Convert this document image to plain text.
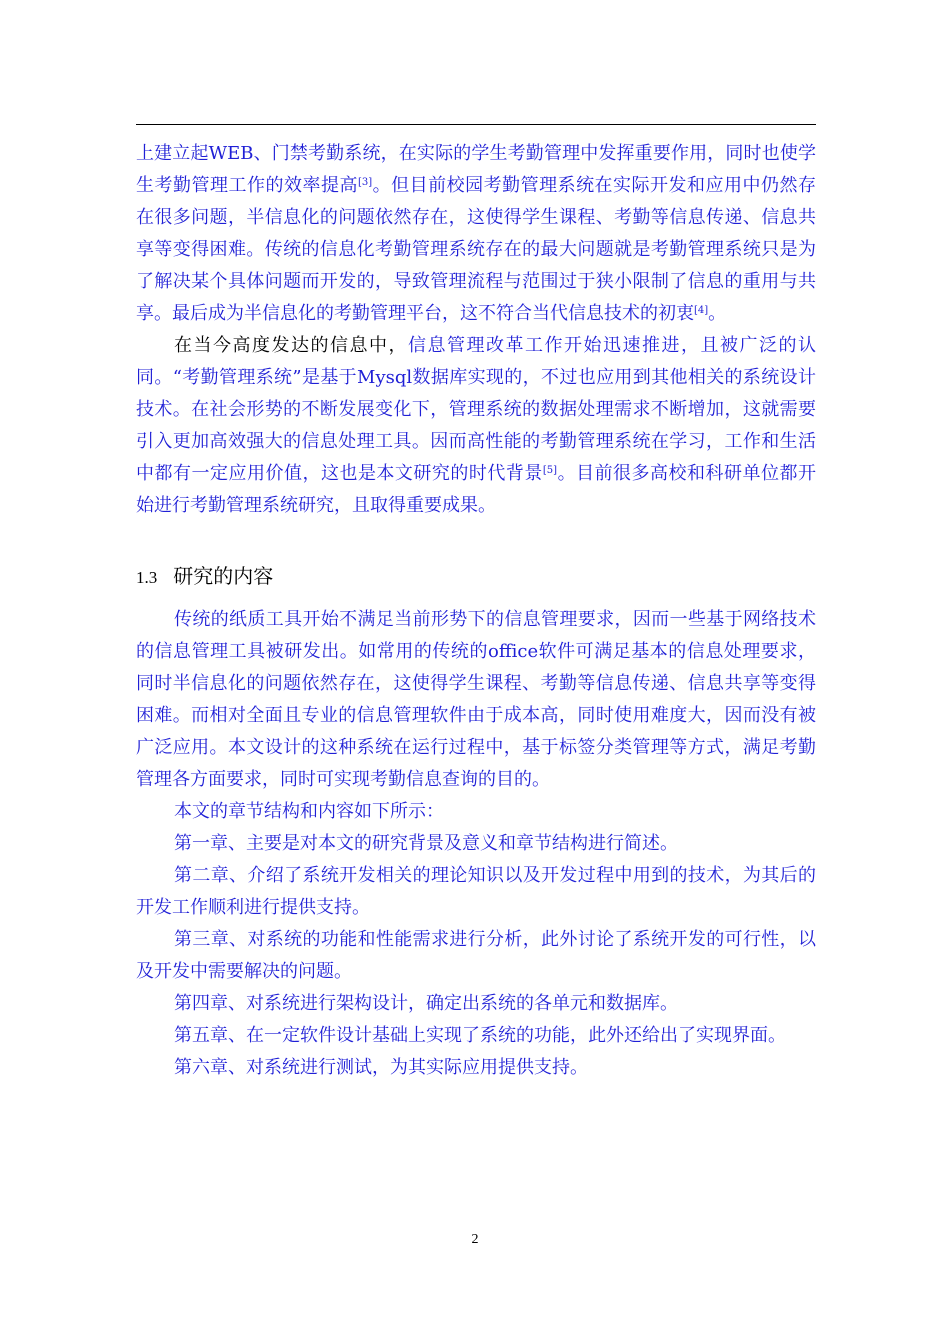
上建立起WEB、门禁考勤系统，在实际的学生考勤管理中发挥重要作用，同时也使学生考勤管理工作的效率提高[3]。但目前校园考勤管理系统在实际开发和应用中仍然存在很多问题，半信息化的问题依然存在，这使得学生课程、考勤等信息传递、信息共享等变得困难。传统的信息化考勤管理系统存在的最大问题就是考勤管理系统只是为了解决某个具体问题而开发的，导致管理流程与范围过于狭小限制了信息的重用与共享。最后成为半信息化的考勤管理平台，这不符合当代信息技术的初衷[4]。

在当今高度发达的信息中，信息管理改革工作开始迅速推进，且被广泛的认同。“考勤管理系统”是基于Mysql数据库实现的，不过也应用到其他相关的系统设计技术。在社会形势的不断发展变化下，管理系统的数据处理需求不断增加，这就需要引入更加高效强大的信息处理工具。因而高性能的考勤管理系统在学习，工作和生活中都有一定应用价值，这也是本文研究的时代背景[5]。目前很多高校和科研单位都开始进行考勤管理系统研究，且取得重要成果。

1.3 研究的内容

传统的纸质工具开始不满足当前形势下的信息管理要求，因而一些基于网络技术的信息管理工具被研发出。如常用的传统的office软件可满足基本的信息处理要求，同时半信息化的问题依然存在，这使得学生课程、考勤等信息传递、信息共享等变得困难。而相对全面且专业的信息管理软件由于成本高，同时使用难度大，因而没有被广泛应用。本文设计的这种系统在运行过程中，基于标签分类管理等方式，满足考勤管理各方面要求，同时可实现考勤信息查询的目的。

本文的章节结构和内容如下所示：

第一章、主要是对本文的研究背景及意义和章节结构进行简述。

第二章、介绍了系统开发相关的理论知识以及开发过程中用到的技术，为其后的开发工作顺利进行提供支持。

第三章、对系统的功能和性能需求进行分析，此外讨论了系统开发的可行性，以及开发中需要解决的问题。

第四章、对系统进行架构设计，确定出系统的各单元和数据库。

第五章、在一定软件设计基础上实现了系统的功能，此外还给出了实现界面。

第六章、对系统进行测试，为其实际应用提供支持。

2
